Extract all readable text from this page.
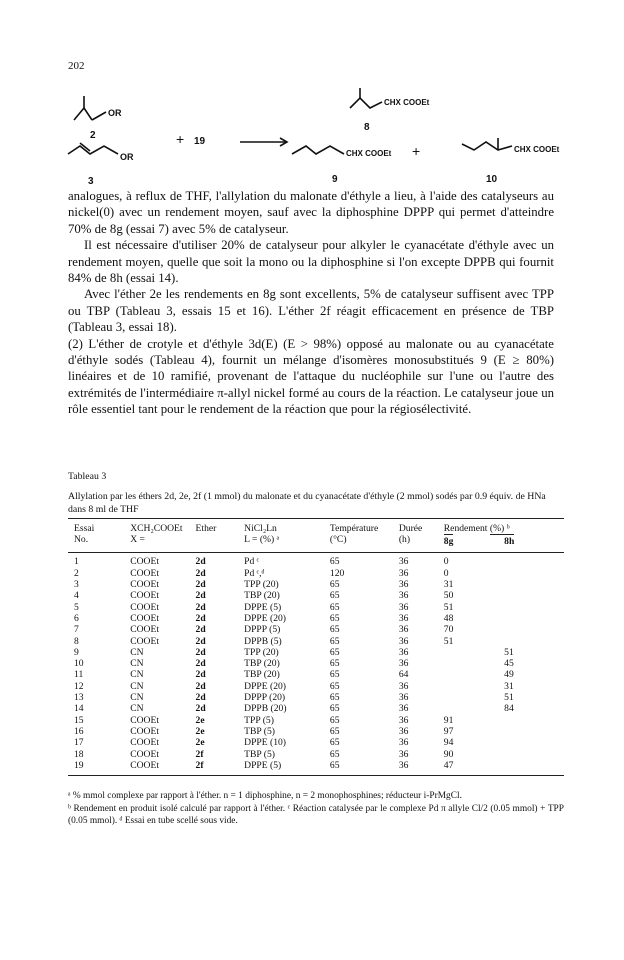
202
OR
OR
2
3
+ 19
CHX COOEt
8
CHX COOEt +	CHX COOEt
9	10

analogues, à reflux de THF, l'allylation du malonate d'éthyle a lieu, à l'aide des catalyseurs au nickel(0) avec un rendement moyen, sauf avec la diphosphine DPPP qui permet d'atteindre 70% de 8g (essai 7) avec 5% de catalyseur.

Il est nécessaire d'utiliser 20% de catalyseur pour alkyler le cyanacétate d'éthyle avec un rendement moyen, quelle que soit la mono ou la diphosphine si l'on excepte DPPB qui fournit 84% de 8h (essai 14).

Avec l'éther 2e les rendements en 8g sont excellents, 5% de catalyseur suffisent avec TPP ou TBP (Tableau 3, essais 15 et 16). L'éther 2f réagit efficacement en présence de TBP (Tableau 3, essai 18).

(2) L'éther de crotyle et d'éthyle 3d(E) (E > 98%) opposé au malonate ou au cyanacétate d'éthyle sodés (Tableau 4), fournit un mélange d'isomères monosubstitués 9 (E ≥ 80%) linéaires et de 10 ramifié, provenant de l'attaque du nucléophile sur l'une ou l'autre des extrémités de l'intermédiaire π-allyl nickel formé au cours de la réaction. Le catalyseur joue un rôle essentiel tant pour le rendement de la réaction que pour la régiosélectivité.

Tableau 3
Allylation par les éthers 2d, 2e, 2f (1 mmol) du malonate et du cyanacétate d'éthyle (2 mmol) sodés par 0.9 équiv. de HNa dans 8 ml de THF
Essai	XCH₂COOEt	Ether	NiCl₂Ln	Température	Durée	Rendement (%) ᵇ	
No.	X =		L = (%) ᵃ	(°C)	(h)	8g	8h

1	COOEt	2d	Pd ᶜ	65	36	0	
2	COOEt	2d	Pd ᶜ,ᵈ	120	36	0	
3	COOEt	2d	TPP (20)	65	36	31	
4	COOEt	2d	TBP (20)	65	36	50	
5	COOEt	2d	DPPE (5)	65	36	51	
6	COOEt	2d	DPPE (20)	65	36	48	
7	COOEt	2d	DPPP (5)	65	36	70	
8	COOEt	2d	DPPB (5)	65	36	51	
9	CN	2d	TPP (20)	65	36		51
10	CN	2d	TBP (20)	65	36		45
11	CN	2d	TBP (20)	65	64		49
12	CN	2d	DPPE (20)	65	36		31
13	CN	2d	DPPP (20)	65	36		51
14	CN	2d	DPPB (20)	65	36		84
15	COOEt	2e	TPP (5)	65	36	91	
16	COOEt	2e	TBP (5)	65	36	97	
17	COOEt	2e	DPPE (10)	65	36	94	
18	COOEt	2f	TBP (5)	65	36	90	
19	COOEt	2f	DPPE (5)	65	36	47	

ᵃ % mmol complexe par rapport à l'éther. n = 1 diphosphine, n = 2 monophosphines; réducteur i-PrMgCl.

ᵇ Rendement en produit isolé calculé par rapport à l'éther. ᶜ Réaction catalysée par le complexe Pd π allyle Cl/2 (0.05 mmol) + TPP (0.05 mmol). ᵈ Essai en tube scellé sous vide.
